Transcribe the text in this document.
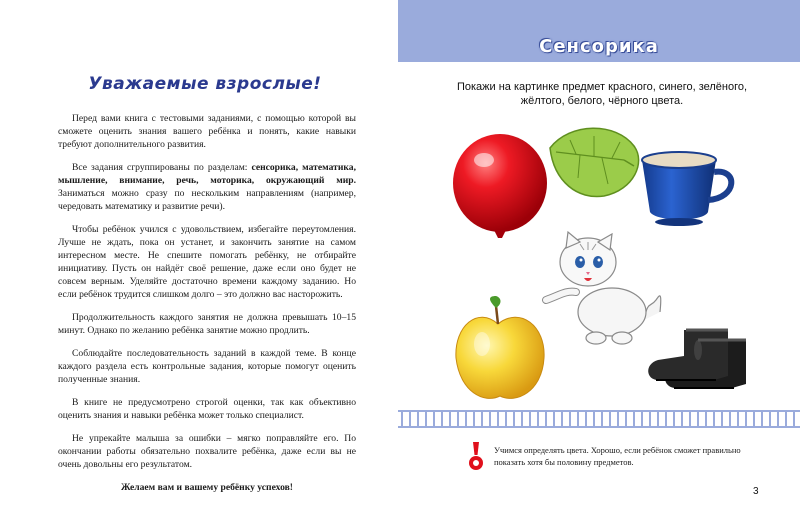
Уважаемые взрослые!

Перед вами книга с тестовыми заданиями, с помощью которой вы сможете оценить знания вашего ребёнка и понять, какие навыки требуют дополнительного развития.

Все задания сгруппированы по разделам: сенсорика, математика, мышление, внимание, речь, моторика, окружающий мир. Заниматься можно сразу по нескольким направлениям (например, чередовать математику и развитие речи).

Чтобы ребёнок учился с удовольствием, избегайте переутомления. Лучше не ждать, пока он устанет, и закончить занятие на самом интересном месте. Не спешите помогать ребёнку, не отбирайте инициативу. Пусть он найдёт своё решение, даже если оно будет не совсем верным. Уделяйте достаточно времени каждому заданию. Но если ребёнок трудится слишком долго – это должно вас насторожить.

Продолжительность каждого занятия не должна превышать 10–15 минут. Однако по желанию ребёнка занятие можно продлить.

Соблюдайте последовательность заданий в каждой теме. В конце каждого раздела есть контрольные задания, которые помогут оценить полученные знания.

В книге не предусмотрено строгой оценки, так как объективно оценить знания и навыки ребёнка может только специалист.

Не упрекайте малыша за ошибки – мягко поправляйте его. По окончании работы обязательно похвалите ребёнка, даже если вы не очень довольны его результатом.

Желаем вам и вашему ребёнку успехов!

Сенсорика
Покажи на картинке предмет красного, синего, зелёного, жёлтого, белого, чёрного цвета.
Учимся определять цвета. Хорошо, если ребёнок сможет правильно показать хотя бы половину предметов.
3
